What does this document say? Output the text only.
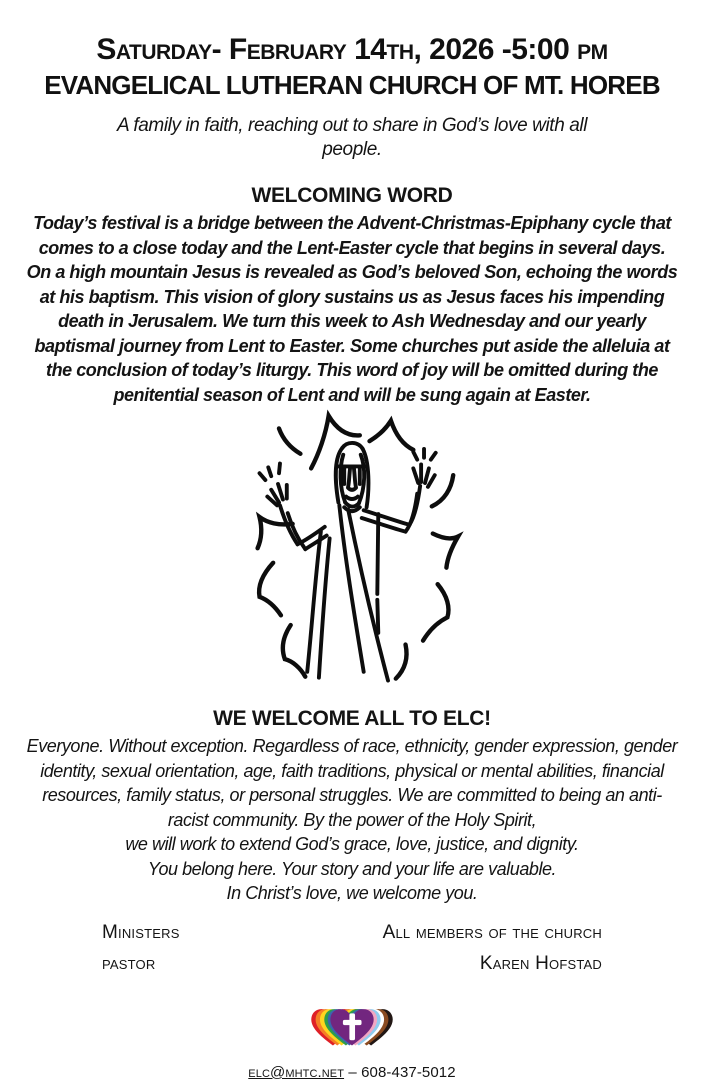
Saturday- February 14th, 2026 -5:00 pm
EVANGELICAL LUTHERAN CHURCH OF MT. HOREB

A family in faith, reaching out to share in God’s love with all people.

WELCOMING WORD

Today’s festival is a bridge between the Advent-Christmas-Epiphany cycle that comes to a close today and the Lent-Easter cycle that begins in several days. On a high mountain Jesus is revealed as God’s beloved Son, echoing the words at his baptism. This vision of glory sustains us as Jesus faces his impending death in Jerusalem. We turn this week to Ash Wednesday and our yearly baptismal journey from Lent to Easter. Some churches put aside the alleluia at the conclusion of today’s liturgy. This word of joy will be omitted during the penitential season of Lent and will be sung again at Easter.

WE WELCOME ALL TO ELC!

Everyone. Without exception. Regardless of race, ethnicity, gender expression, gender identity, sexual orientation, age, faith traditions, physical or mental abilities, financial resources, family status, or personal struggles. We are committed to being an anti-racist community. By the power of the Holy Spirit,

we will work to extend God’s grace, love, justice, and dignity.
You belong here. Your story and your life are valuable.
In Christ’s love, we welcome you.
Ministers	All members of the church
pastor	Karen Hofstad
elc@mhtc.net – 608-437-5012
